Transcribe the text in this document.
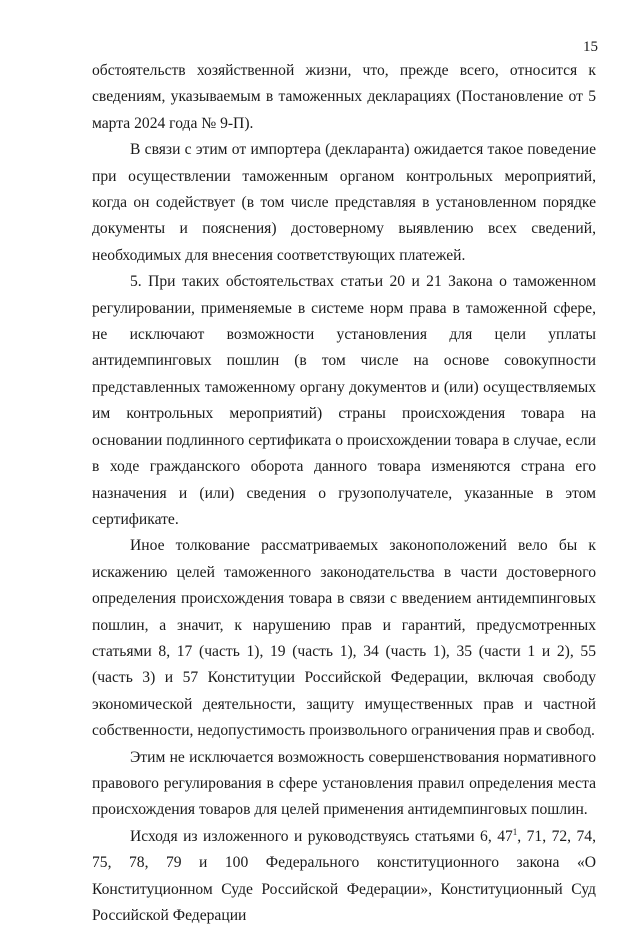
15

обстоятельств хозяйственной жизни, что, прежде всего, относится к сведениям, указываемым в таможенных декларациях (Постановление от 5 марта 2024 года № 9-П).

В связи с этим от импортера (декларанта) ожидается такое поведение при осуществлении таможенным органом контрольных мероприятий, когда он содействует (в том числе представляя в установленном порядке документы и пояснения) достоверному выявлению всех сведений, необходимых для внесения соответствующих платежей.

5. При таких обстоятельствах статьи 20 и 21 Закона о таможенном регулировании, применяемые в системе норм права в таможенной сфере, не исключают возможности установления для цели уплаты антидемпинговых пошлин (в том числе на основе совокупности представленных таможенному органу документов и (или) осуществляемых им контрольных мероприятий) страны происхождения товара на основании подлинного сертификата о происхождении товара в случае, если в ходе гражданского оборота данного товара изменяются страна его назначения и (или) сведения о грузополучателе, указанные в этом сертификате.

Иное толкование рассматриваемых законоположений вело бы к искажению целей таможенного законодательства в части достоверного определения происхождения товара в связи с введением антидемпинговых пошлин, а значит, к нарушению прав и гарантий, предусмотренных статьями 8, 17 (часть 1), 19 (часть 1), 34 (часть 1), 35 (части 1 и 2), 55 (часть 3) и 57 Конституции Российской Федерации, включая свободу экономической деятельности, защиту имущественных прав и частной собственности, недопустимость произвольного ограничения прав и свобод.

Этим не исключается возможность совершенствования нормативного правового регулирования в сфере установления правил определения места происхождения товаров для целей применения антидемпинговых пошлин.

Исходя из изложенного и руководствуясь статьями 6, $47^1$, 71, 72, 74, 75, 78, 79 и 100 Федерального конституционного закона «О Конституционном Суде Российской Федерации», Конституционный Суд Российской Федерации
